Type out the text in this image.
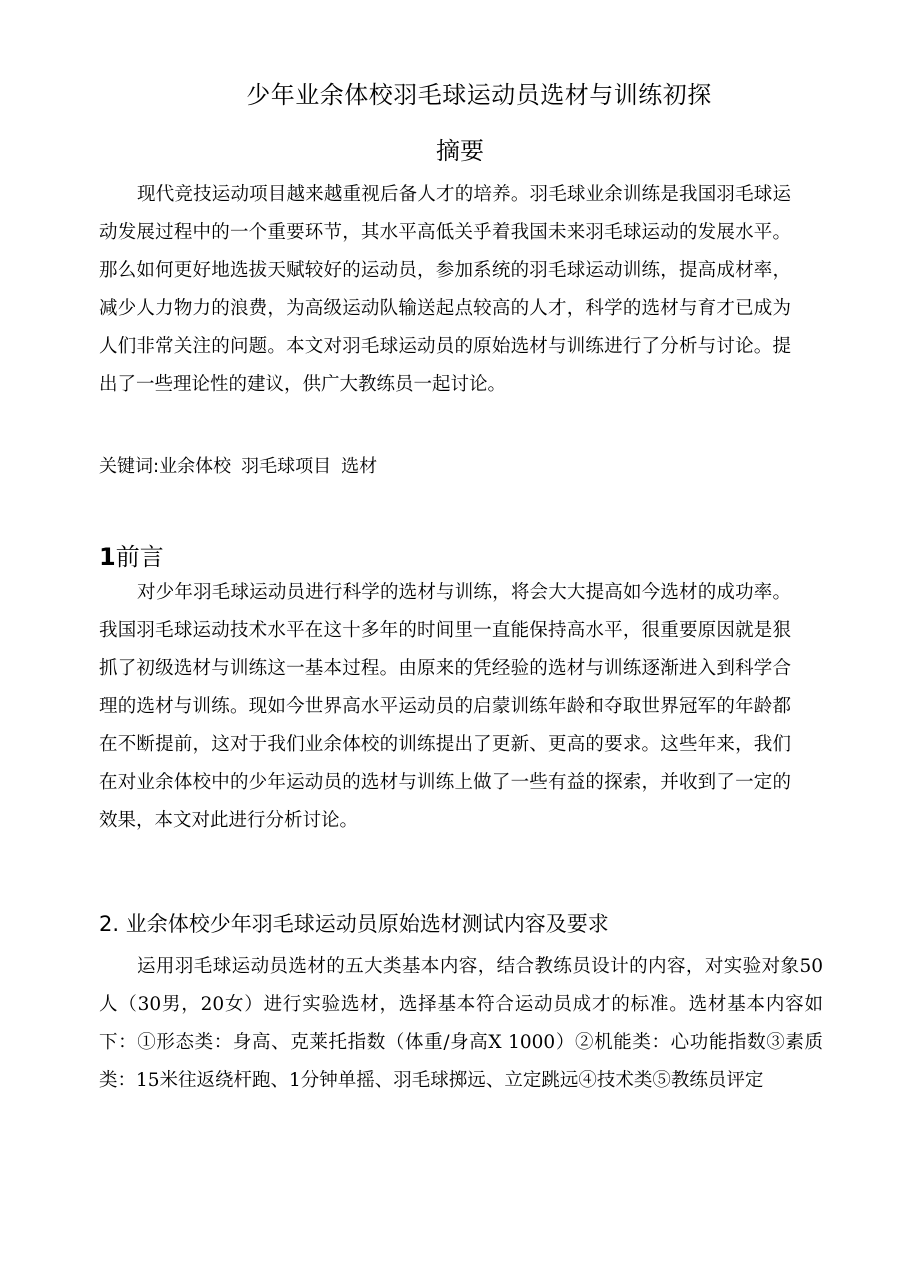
少年业余体校羽毛球运动员选材与训练初探
摘要

现代竞技运动项目越来越重视后备人才的培养。羽毛球业余训练是我国羽毛球运动发展过程中的一个重要环节，其水平高低关乎着我国未来羽毛球运动的发展水平。那么如何更好地选拔天赋较好的运动员，参加系统的羽毛球运动训练，提高成材率，减少人力物力的浪费，为高级运动队输送起点较高的人才，科学的选材与育才已成为人们非常关注的问题。本文对羽毛球运动员的原始选材与训练进行了分析与讨论。提出了一些理论性的建议，供广大教练员一起讨论。

关键词:业余体校 羽毛球项目 选材
1前言

对少年羽毛球运动员进行科学的选材与训练，将会大大提高如今选材的成功率。我国羽毛球运动技术水平在这十多年的时间里一直能保持高水平，很重要原因就是狠抓了初级选材与训练这一基本过程。由原来的凭经验的选材与训练逐渐进入到科学合理的选材与训练。现如今世界高水平运动员的启蒙训练年龄和夺取世界冠军的年龄都在不断提前，这对于我们业余体校的训练提出了更新、更高的要求。这些年来，我们在对业余体校中的少年运动员的选材与训练上做了一些有益的探索，并收到了一定的效果，本文对此进行分析讨论。

2. 业余体校少年羽毛球运动员原始选材测试内容及要求

运用羽毛球运动员选材的五大类基本内容，结合教练员设计的内容，对实验对象50人（30男，20女）进行实验选材，选择基本符合运动员成才的标准。选材基本内容如下：①形态类：身高、克莱托指数（体重/身高X 1000）②机能类：心功能指数③素质类：15米往返绕杆跑、1分钟单摇、羽毛球掷远、立定跳远④技术类⑤教练员评定
